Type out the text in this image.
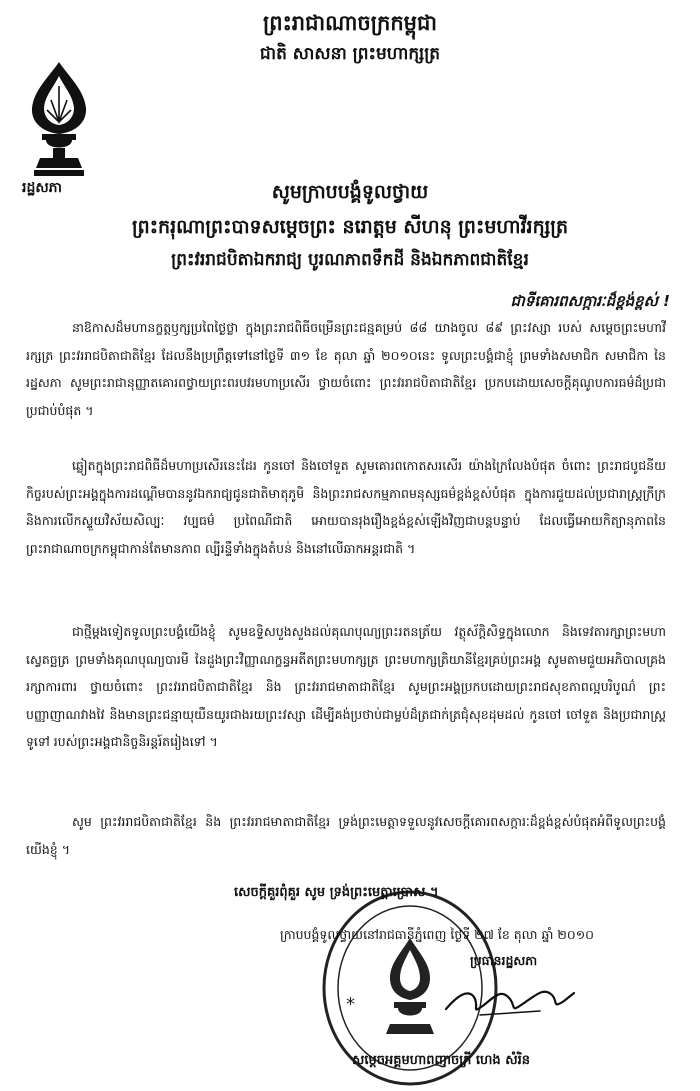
ព្រះរាជាណាចក្រកម្ពុជា
ជាតិ សាសនា ព្រះមហាក្សត្រ
រដ្ឋសភា	សូមក្រាបបង្គំទូលថ្វាយ
ព្រះករុណាព្រះបាទសម្តេចព្រះ នរោត្តម សីហនុ ព្រះមហាវីរក្សត្រ
ព្រះវររាជបិតាឯករាជ្យ បូរណភាពទឹកដី និងឯកភាពជាតិខ្មែរ
ជាទីគោរពសក្ការៈដ៏ខ្ពង់ខ្ពស់ !
នាឱកាសដ៏មហានក្ខត្តឫក្សប្រពៃថ្ងៃថ្លា ក្នុងព្រះរាជពិធីចម្រើនព្រះជន្មគម្រប់ ៨៨ យាងចូល ៨៩ ព្រះវស្សា របស់ សម្តេចព្រះមហាវីរក្សត្រ ព្រះវររាជបិតាជាតិខ្មែរ ដែលនឹងប្រព្រឹត្តទៅនៅថ្ងៃទី ៣១ ខែ តុលា ឆ្នាំ ២០១០នេះ ទូលព្រះបង្គំជាខ្ញុំ ព្រមទាំងសមាជិក សមាជិកា នៃរដ្ឋសភា សូមព្រះរាជានុញ្ញាតគោរពថ្វាយព្រះពរបវរមហាប្រសើរ ថ្វាយចំពោះ ព្រះវររាជបិតាជាតិខ្មែរ ប្រកបដោយសេចក្តីគុណូបការធម៌ដ៏ប្រជាប្រជាប់បំផុត ។
ឆ្លៀតក្នុងព្រះរាជពិធីដ៏មហាប្រសើរនេះដែរ កូនចៅ និងចៅទួត សូមគោរពកោតសរសើរ យ៉ាងក្រៃលែងបំផុត ចំពោះ ព្រះរាជបូជនីយកិច្ចរបស់ព្រះអង្គក្នុងការដណ្តើមបាននូវឯករាជ្យជូនជាតិមាតុភូមិ និងព្រះរាជសកម្មភាពមនុស្សធម៌ខ្ពង់ខ្ពស់បំផុត ក្នុងការជួយដល់ប្រជារាស្ត្រក្រីក្រ និងការលើកស្ទួយវិស័យសិល្បៈ វប្បធម៌ ប្រពៃណីជាតិ អោយបានរុងរឿងខ្ពង់ខ្ពស់ឡើងវិញជាបន្តបន្ទាប់ ដែលធ្វើអោយកិត្យានុភាពនៃព្រះរាជាណាចក្រកម្ពុជាកាន់តែមានភាព ល្បីរន្ទឺទាំងក្នុងតំបន់ និងនៅលើឆាកអន្តរជាតិ ។
ជាថ្មីម្តងទៀតទូលព្រះបង្គំយើងខ្ញុំ សូមឧទ្ទិសបួងសួងដល់គុណបុណ្យព្រះរតនត្រ័យ វត្ថុស័ក្តិសិទ្ធក្នុងលោក និងទេវតារក្សាព្រះមហាស្វេតច្ឆត្រ ព្រមទាំងគុណបុណ្យបារមី នៃដួងព្រះវិញ្ញាណក្ខន្ធអតីតព្រះមហាក្សត្រ ព្រះមហាក្សត្រិយានីខ្មែរគ្រប់ព្រះអង្គ សូមតាមជួយអភិបាលគ្រងរក្សាការពារ ថ្វាយចំពោះ ព្រះវររាជបិតាជាតិខ្មែរ និង ព្រះវររាជមាតាជាតិខ្មែរ សូមព្រះអង្គប្រកបដោយព្រះរាជសុខភាពល្អបរិបូណ៌ ព្រះបញ្ញាញាណវាងវៃ និងមានព្រះជន្មាយុយឺនយូរជាងរយព្រះវស្សា ដើម្បីគង់ប្រថាប់ជាម្លប់ដ៏ត្រជាក់ត្រជុំសុខដុមដល់ កូនចៅ ចៅទួត និងប្រជារាស្ត្រ ទូទៅ របស់ព្រះអង្គជានិច្ចនិរន្តរ៍តរៀងទៅ ។
សូម ព្រះវររាជបិតាជាតិខ្មែរ និង ព្រះវររាជមាតាជាតិខ្មែរ ទ្រង់ព្រះមេត្តាទទួលនូវសេចក្តីគោរពសក្ការៈដ៏ខ្ពង់ខ្ពស់បំផុតអំពីទូលព្រះបង្គំយើងខ្ញុំ ។
*
សេចក្តីគួរពុំគួរ សូម ទ្រង់ព្រះមេត្តាប្រោស ។
ក្រាបបង្គំទូលថ្វាយនៅរាជធានីភ្នំពេញ ថ្ងៃទី ២៧ ខែ តុលា ឆ្នាំ ២០១០
ប្រធានរដ្ឋសភា
សម្តេចអគ្គមហាពញាចក្រី ហេង សំរិន
